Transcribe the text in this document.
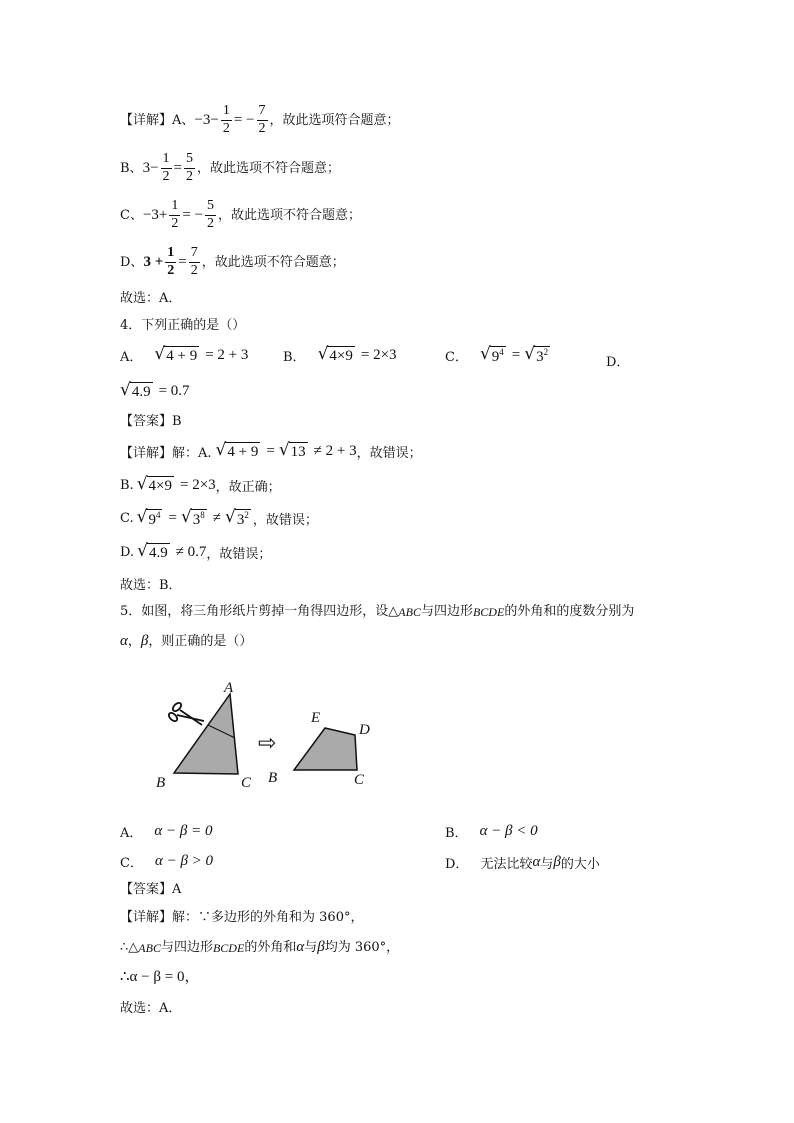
【详解】 A、 $-3- \frac{1}{2}$ = − $\frac{7}{2}$ ，故此选项符合题意；
B、 $3- \frac{1}{2} = \frac{5}{2}$ ，故此选项不符合题意；
C、 $-3+ \frac{1}{2}$ = − $\frac{5}{2}$ ，故此选项不符合题意；
D、 $3 + \frac{1}{2} = \frac{7}{2}$ ，故此选项不符合题意；
故选：A．
4．下列正确的是（）
A． √ 4 + 9 = 2 + 3	B． √ 4×9 = 2×3	C． √ $9^4$ = √ $3^2$
D．
√ 4.9 = 0.7
【答案】 B
【详解】 解：A. √ 4 + 9 = √ 13 ≠ 2 + 3 ，故错误；
B. √ 4×9 = 2×3 ，故正确；
C. √ $9^4$ = √ $3^8$ ≠ √ $3^2$ ，故错误；
D. √ 4.9 ≠ 0.7 ，故错误；
故选：B．
5．如图，将三角形纸片剪掉一角得四边形，设△ ABC 与四边形 BCDE 的外角和的度数分别为
α ， β ，则正确的是（）
A
B	C
⇨
E
D
B	C
A． α − β = 0	B． α − β < 0
C． α − β > 0	D． 无法比较 α 与 β 的大小
【答案】 A
【详解】 解：∵多边形的外角和为 360°，
∴△ ABC 与四边形 BCDE 的外角和 α 与 β 均为 360°，
∴α − β = 0，
故选：A．
